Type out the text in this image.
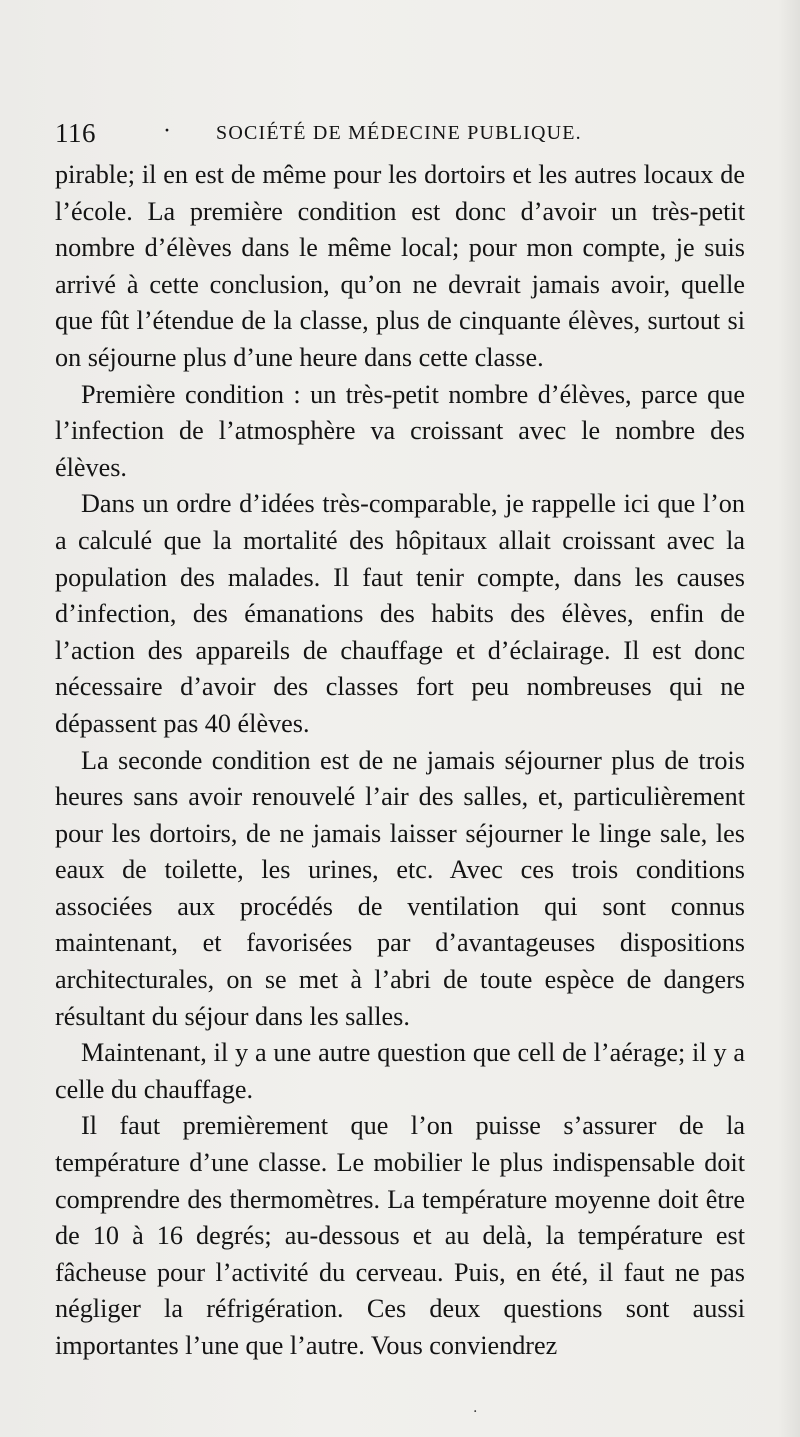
116	· SOCIÉTÉ DE MÉDECINE PUBLIQUE.

pirable; il en est de même pour les dortoirs et les autres locaux de l’école. La première condition est donc d’avoir un très-petit nombre d’élèves dans le même local; pour mon compte, je suis arrivé à cette conclusion, qu’on ne devrait jamais avoir, quelle que fût l’étendue de la classe, plus de cinquante élèves, surtout si on séjourne plus d’une heure dans cette classe.

Première condition : un très-petit nombre d’élèves, parce que l’infection de l’atmosphère va croissant avec le nombre des élèves.

Dans un ordre d’idées très-comparable, je rappelle ici que l’on a calculé que la mortalité des hôpitaux allait croissant avec la population des malades. Il faut tenir compte, dans les causes d’infection, des émanations des habits des élèves, enfin de l’action des appareils de chauffage et d’éclairage. Il est donc nécessaire d’avoir des classes fort peu nombreuses qui ne dépassent pas 40 élèves.

La seconde condition est de ne jamais séjourner plus de trois heures sans avoir renouvelé l’air des salles, et, particulièrement pour les dortoirs, de ne jamais laisser séjourner le linge sale, les eaux de toilette, les urines, etc. Avec ces trois conditions associées aux procédés de ventilation qui sont connus maintenant, et favorisées par d’avantageuses dispositions architecturales, on se met à l’abri de toute espèce de dangers résultant du séjour dans les salles.

Maintenant, il y a une autre question que cell de l’aérage; il y a celle du chauffage.

Il faut premièrement que l’on puisse s’assurer de la température d’une classe. Le mobilier le plus indispensable doit comprendre des thermomètres. La température moyenne doit être de 10 à 16 degrés; au-dessous et au delà, la température est fâcheuse pour l’activité du cerveau. Puis, en été, il faut ne pas négliger la réfrigération. Ces deux questions sont aussi importantes l’une que l’autre. Vous conviendrez

·
